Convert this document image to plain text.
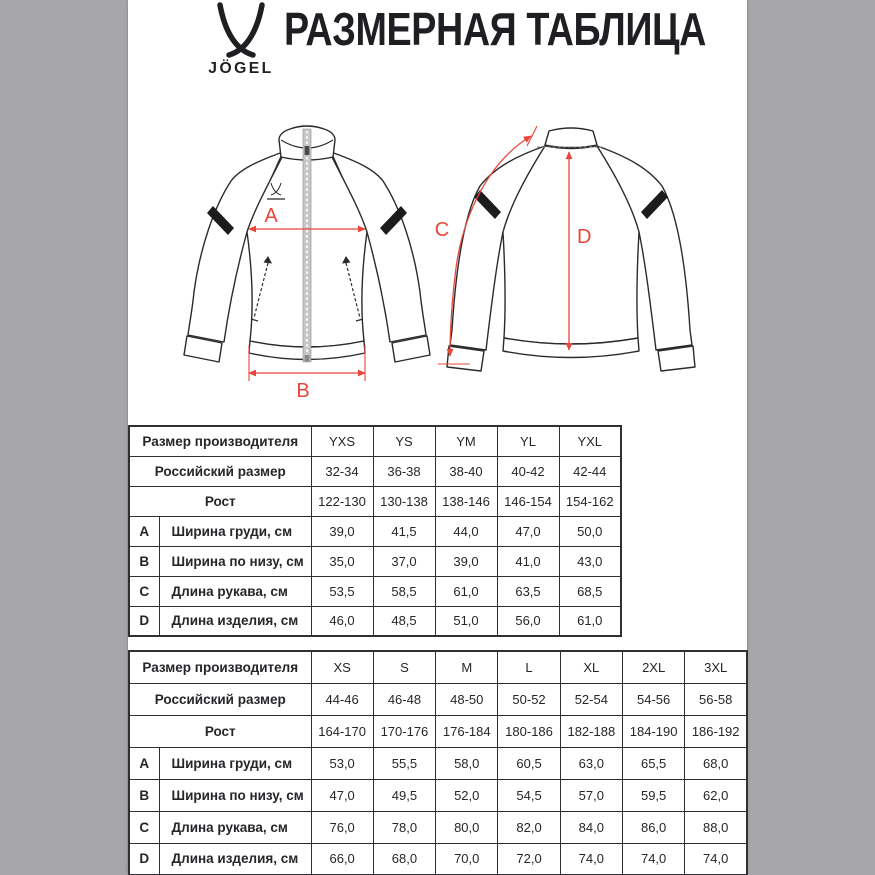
JÖGEL
РАЗМЕРНАЯ ТАБЛИЦА
A
B
C	D
Размер производителя		YXS	YS	YM	YL	YXL
Российский размер		32-34	36-38	38-40	40-42	42-44
Рост		122-130	130-138	138-146	146-154	154-162
A	Ширина груди, см	39,0	41,5	44,0	47,0	50,0
B	Ширина по низу, см	35,0	37,0	39,0	41,0	43,0
C	Длина рукава, см	53,5	58,5	61,0	63,5	68,5
D	Длина изделия, см	46,0	48,5	51,0	56,0	61,0
Размер производителя		XS	S	M	L	XL	2XL	3XL
Российский размер		44-46	46-48	48-50	50-52	52-54	54-56	56-58
Рост		164-170	170-176	176-184	180-186	182-188	184-190	186-192
A	Ширина груди, см	53,0	55,5	58,0	60,5	63,0	65,5	68,0
B	Ширина по низу, см	47,0	49,5	52,0	54,5	57,0	59,5	62,0
C	Длина рукава, см	76,0	78,0	80,0	82,0	84,0	86,0	88,0
D	Длина изделия, см	66,0	68,0	70,0	72,0	74,0	74,0	74,0
